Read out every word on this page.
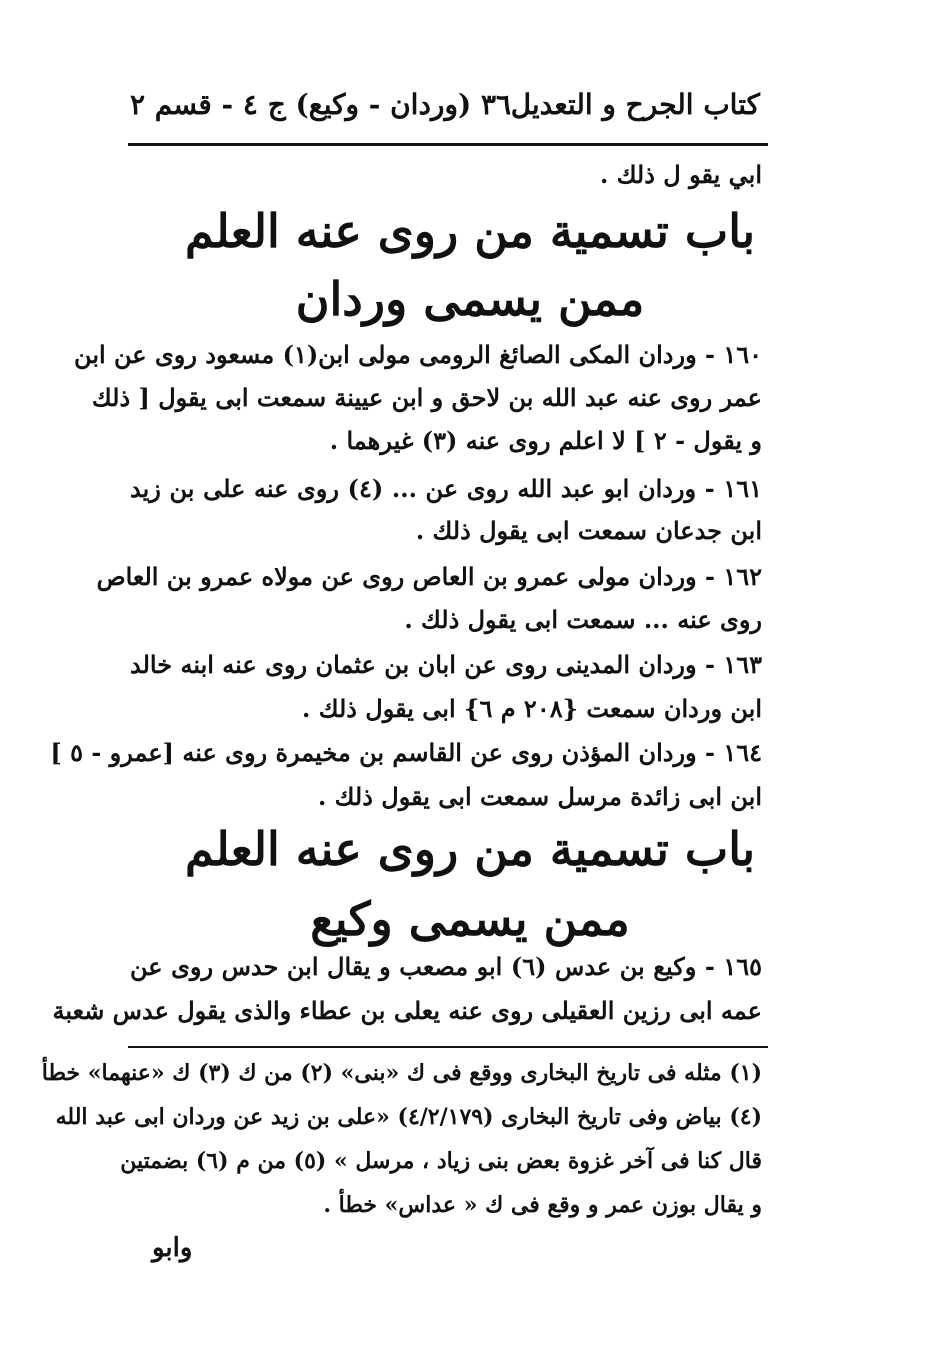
كتاب الجرح و التعديل
٣٦ (وردان - وكيع) ج ٤ - قسم ٢
ابي يقو ل ذلك .
باب تسمية من روى عنه العلم
ممن يسمى وردان
١٦٠ - وردان المكى الصائغ الرومى مولى ابن(١) مسعود روى عن ابن
عمر روى عنه عبد الله بن لاحق و ابن عيينة سمعت ابى يقول [ ذلك
و يقول - ٢ ] لا اعلم روى عنه (٣) غيرهما .
١٦١ - وردان ابو عبد الله روى عن ... (٤) روى عنه على بن زيد
ابن جدعان سمعت ابى يقول ذلك .
١٦٢ - وردان مولى عمرو بن العاص روى عن مولاه عمرو بن العاص
روى عنه ... سمعت ابى يقول ذلك .
١٦٣ - وردان المدينى روى عن ابان بن عثمان روى عنه ابنه خالد
ابن وردان سمعت {٢٠٨ م ٦} ابى يقول ذلك .
١٦٤ - وردان المؤذن روى عن القاسم بن مخيمرة روى عنه [عمرو - ٥ ]
ابن ابى زائدة مرسل سمعت ابى يقول ذلك .
باب تسمية من روى عنه العلم
ممن يسمى وكيع
١٦٥ - وكيع بن عدس (٦) ابو مصعب و يقال ابن حدس روى عن
عمه ابى رزين العقيلى روى عنه يعلى بن عطاء والذى يقول عدس شعبة
(١) مثله فى تاريخ البخارى ووقع فى ك «بنى» (٢) من ك (٣) ك «عنهما» خطأ
(٤) بياض وفى تاريخ البخارى (٤/٢/١٧٩) «على بن زيد عن وردان ابى عبد الله
قال كنا فى آخر غزوة بعض بنى زياد ، مرسل » (٥) من م (٦) بضمتين
و يقال بوزن عمر و وقع فى ك « عداس» خطأ .
وابو
